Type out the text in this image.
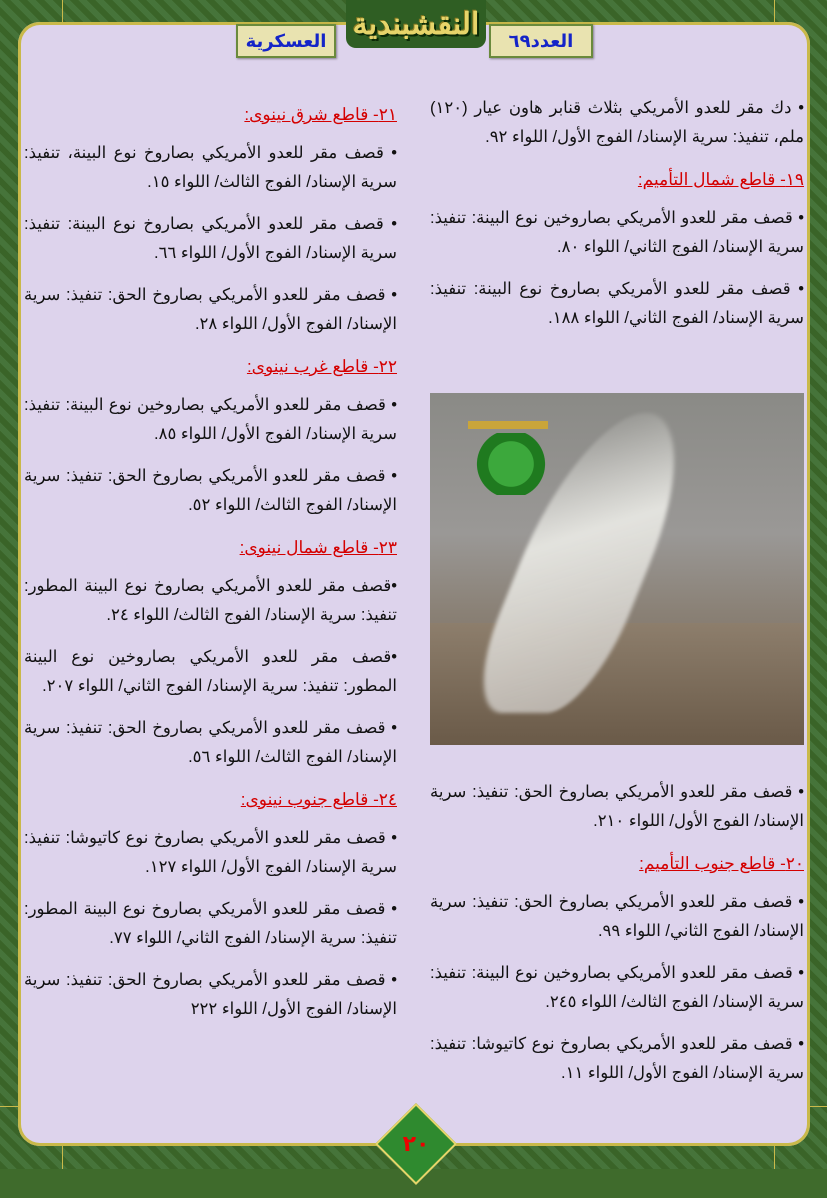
النقشبندية	العدد٦٩
العسكرية

• دك مقر للعدو الأمريكي بثلاث قنابر هاون عيار (١٢٠) ملم، تنفيذ: سرية الإسناد/ الفوج الأول/ اللواء ٩٢.

١٩- قاطع شمال التأميم:

• قصف مقر للعدو الأمريكي بصاروخين نوع البينة: تنفيذ: سرية الإسناد/ الفوج الثاني/ اللواء ٨٠.

• قصف مقر للعدو الأمريكي بصاروخ نوع البينة: تنفيذ: سرية الإسناد/ الفوج الثاني/ اللواء ١٨٨.

• قصف مقر للعدو الأمريكي بصاروخ الحق: تنفيذ: سرية الإسناد/ الفوج الأول/ اللواء ٢١٠.

٢٠- قاطع جنوب التأميم:

• قصف مقر للعدو الأمريكي بصاروخ الحق: تنفيذ: سرية الإسناد/ الفوج الثاني/ اللواء ٩٩.

• قصف مقر للعدو الأمريكي بصاروخين نوع البينة: تنفيذ: سرية الإسناد/ الفوج الثالث/ اللواء ٢٤٥.

• قصف مقر للعدو الأمريكي بصاروخ نوع كاتيوشا: تنفيذ: سرية الإسناد/ الفوج الأول/ اللواء ١١.

٢١- قاطع شرق نينوى:

• قصف مقر للعدو الأمريكي بصاروخ نوع البينة، تنفيذ: سرية الإسناد/ الفوج الثالث/ اللواء ١٥.

• قصف مقر للعدو الأمريكي بصاروخ نوع البينة: تنفيذ: سرية الإسناد/ الفوج الأول/ اللواء ٦٦.

• قصف مقر للعدو الأمريكي بصاروخ الحق: تنفيذ: سرية الإسناد/ الفوج الأول/ اللواء ٢٨.

٢٢- قاطع غرب نينوى:

• قصف مقر للعدو الأمريكي بصاروخين نوع البينة: تنفيذ: سرية الإسناد/ الفوج الأول/ اللواء ٨٥.

• قصف مقر للعدو الأمريكي بصاروخ الحق: تنفيذ: سرية الإسناد/ الفوج الثالث/ اللواء ٥٢.

٢٣- قاطع شمال نينوى:

•قصف مقر للعدو الأمريكي بصاروخ نوع البينة المطور: تنفيذ: سرية الإسناد/ الفوج الثالث/ اللواء ٢٤.

•قصف مقر للعدو الأمريكي بصاروخين نوع البينة المطور: تنفيذ: سرية الإسناد/ الفوج الثاني/ اللواء ٢٠٧.

• قصف مقر للعدو الأمريكي بصاروخ الحق: تنفيذ: سرية الإسناد/ الفوج الثالث/ اللواء ٥٦.

٢٤- قاطع جنوب نينوى:

• قصف مقر للعدو الأمريكي بصاروخ نوع كاتيوشا: تنفيذ: سرية الإسناد/ الفوج الأول/ اللواء ١٢٧.

• قصف مقر للعدو الأمريكي بصاروخ نوع البينة المطور: تنفيذ: سرية الإسناد/ الفوج الثاني/ اللواء ٧٧.

• قصف مقر للعدو الأمريكي بصاروخ الحق: تنفيذ: سرية الإسناد/ الفوج الأول/ اللواء ٢٢٢

٢٠
